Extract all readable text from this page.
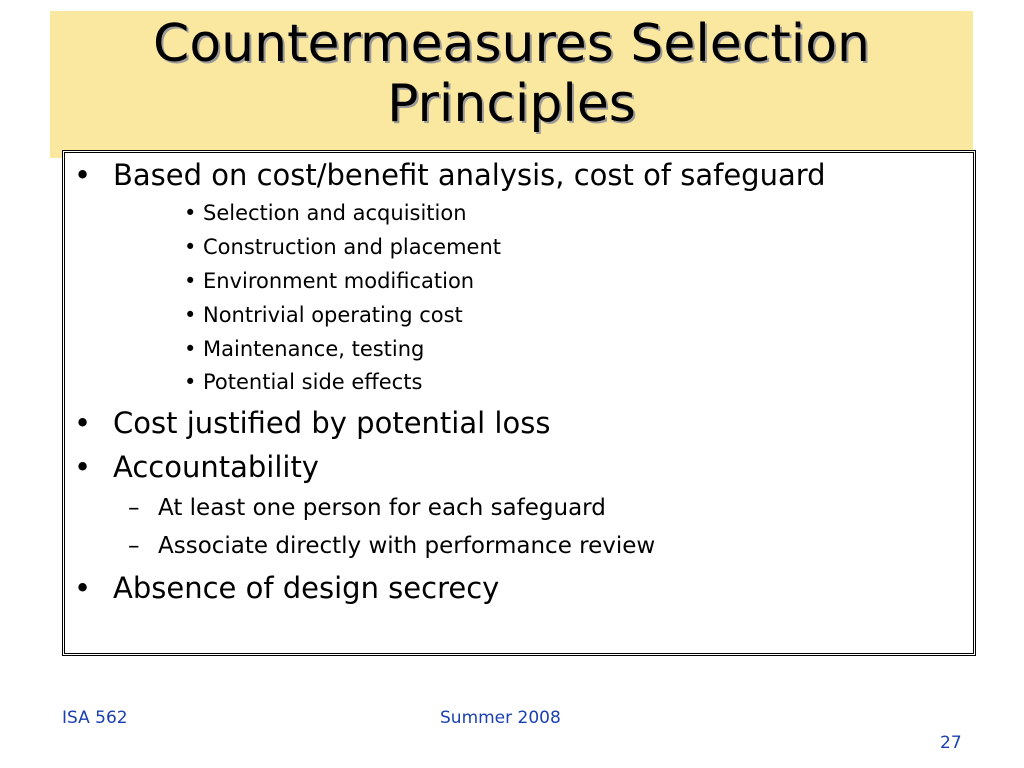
Countermeasures Selection
Principles
• Based on cost/benefit analysis, cost of safeguard
• Selection and acquisition
• Construction and placement
• Environment modification
• Nontrivial operating cost
• Maintenance, testing
• Potential side effects
• Cost justified by potential loss
• Accountability
– At least one person for each safeguard
– Associate directly with performance review
• Absence of design secrecy
ISA 562	Summer 2008
27
